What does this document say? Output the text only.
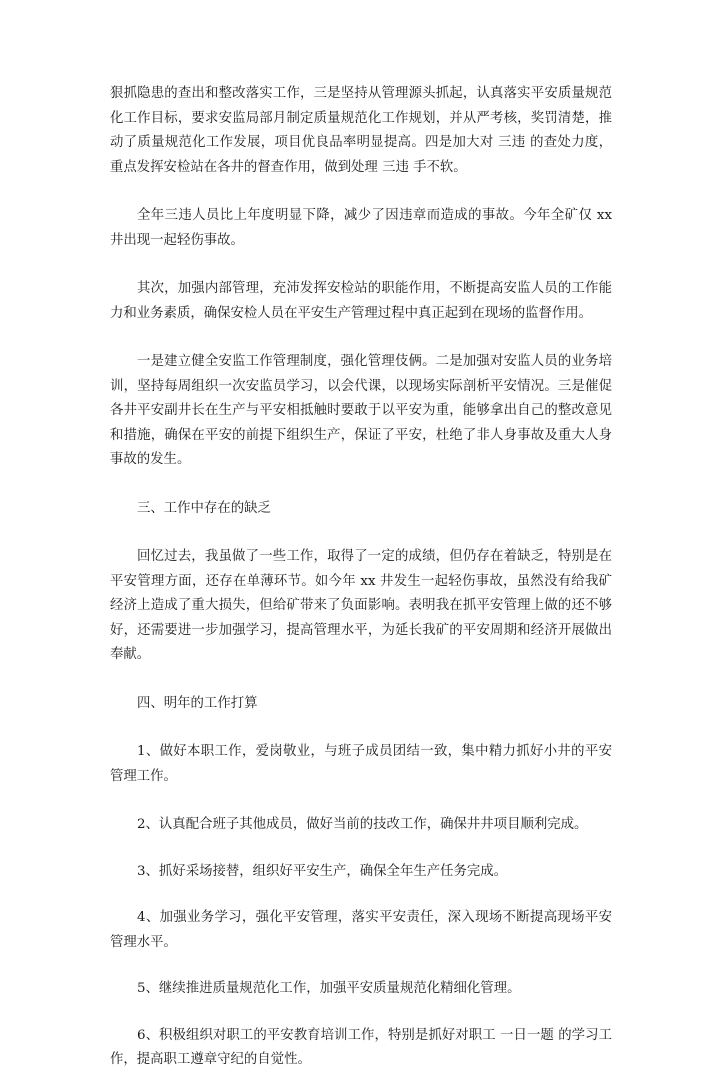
狠抓隐患的查出和整改落实工作，三是坚持从管理源头抓起，认真落实平安质量规范化工作目标，要求安监局部月制定质量规范化工作规划，并从严考核，奖罚清楚，推动了质量规范化工作发展，项目优良品率明显提高。四是加大对 三违 的查处力度，重点发挥安检站在各井的督查作用，做到处理 三违 手不软。

全年三违人员比上年度明显下降，减少了因违章而造成的事故。今年全矿仅 xx 井出现一起轻伤事故。

其次，加强内部管理，充沛发挥安检站的职能作用，不断提高安监人员的工作能力和业务素质，确保安检人员在平安生产管理过程中真正起到在现场的监督作用。

一是建立健全安监工作管理制度，强化管理伎俩。二是加强对安监人员的业务培训，坚持每周组织一次安监员学习，以会代课，以现场实际剖析平安情况。三是催促各井平安副井长在生产与平安相抵触时要敢于以平安为重，能够拿出自己的整改意见和措施，确保在平安的前提下组织生产，保证了平安，杜绝了非人身事故及重大人身事故的发生。

三、工作中存在的缺乏

回忆过去，我虽做了一些工作，取得了一定的成绩，但仍存在着缺乏，特别是在平安管理方面，还存在单薄环节。如今年 xx 井发生一起轻伤事故，虽然没有给我矿经济上造成了重大损失，但给矿带来了负面影响。表明我在抓平安管理上做的还不够好，还需要进一步加强学习，提高管理水平，为延长我矿的平安周期和经济开展做出奉献。

四、明年的工作打算

1、做好本职工作，爱岗敬业，与班子成员团结一致，集中精力抓好小井的平安管理工作。

2、认真配合班子其他成员，做好当前的技改工作，确保井井项目顺利完成。

3、抓好采场接替，组织好平安生产，确保全年生产任务完成。

4、加强业务学习，强化平安管理，落实平安责任，深入现场不断提高现场平安管理水平。

5、继续推进质量规范化工作，加强平安质量规范化精细化管理。

6、积极组织对职工的平安教育培训工作，特别是抓好对职工 一日一题 的学习工作，提高职工遵章守纪的自觉性。
